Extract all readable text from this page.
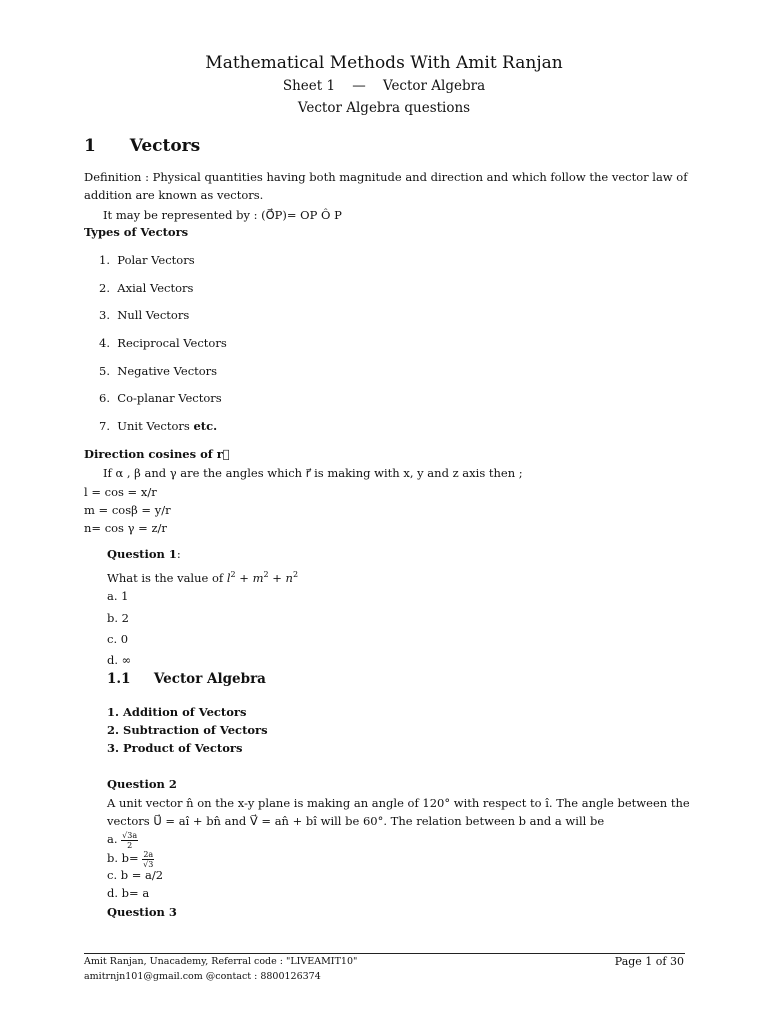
Mathematical Methods With Amit Ranjan
Sheet 1 — Vector Algebra
Vector Algebra questions
1 Vectors
Definition : Physical quantities having both magnitude and direction and which follow the vector law of
addition are known as vectors.
It may be represented by : (O⃗P)= OP Ô P
Types of Vectors
1.  Polar Vectors
2.  Axial Vectors
3.  Null Vectors
4.  Reciprocal Vectors
5.  Negative Vectors
6.  Co-planar Vectors
7.  Unit Vectors etc.
Direction cosines of r⃗
If α , β and γ are the angles which r⃗ is making with x, y and z axis then ;
l = cos = x/r
m = cosβ = y/r
n= cos γ = z/r
Question 1:
What is the value of $l^2 + m^2 + n^2$
a. 1
b. 2
c. 0
d. ∞
1.1 Vector Algebra
1. Addition of Vectors
2. Subtraction of Vectors
3. Product of Vectors
Question 2
A unit vector n̂ on the x-y plane is making an angle of 120° with respect to î. The angle between the
vectors U⃗ = aî + bn̂ and V⃗ = an̂ + bî will be 60°. The relation between b and a will be
a. $\frac{√3a}{2}$
b. $b= \frac{2a}{√3}$
c. b = a/2
d. b= a
Question 3
Amit Ranjan, Unacademy, Referral code : "LIVEAMIT10"
amitrnjn101@gmail.com @contact : 8800126374
Page 1 of 30
